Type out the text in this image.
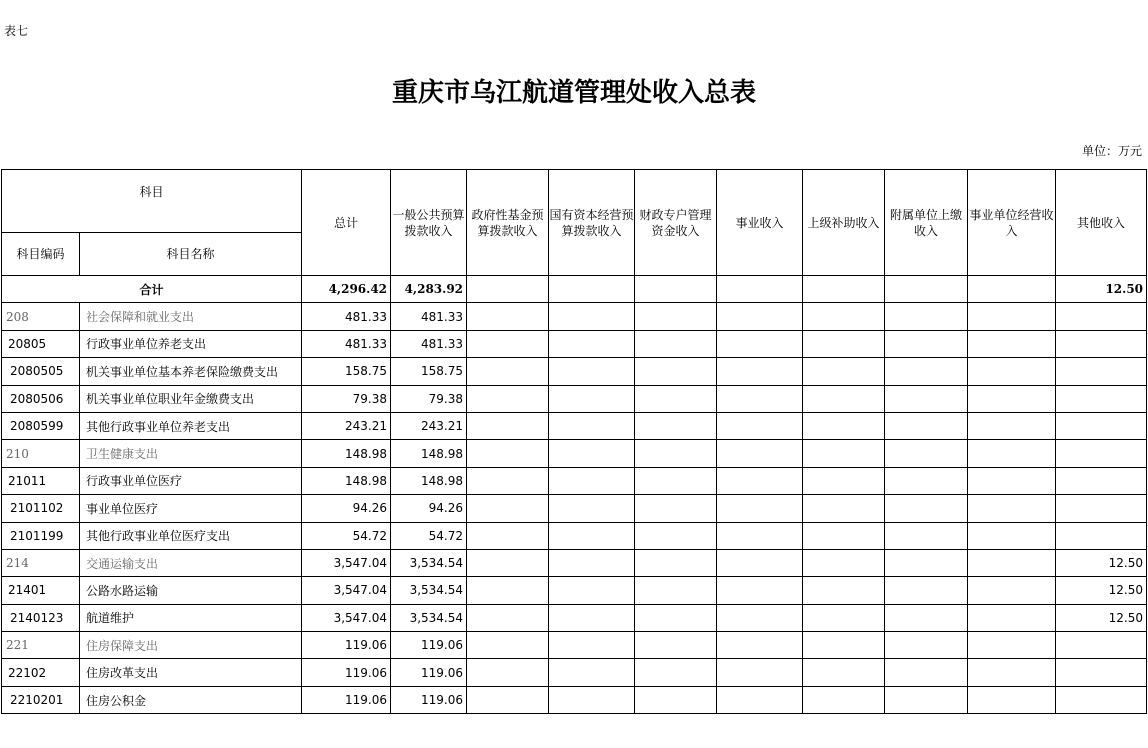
表七
重庆市乌江航道管理处收入总表
单位：万元
科目		总计	一般公共预算拨款收入	政府性基金预算拨款收入	国有资本经营预算拨款收入	财政专户管理资金收入	事业收入	上级补助收入	附属单位上缴收入	事业单位经营收入	其他收入
科目编码	科目名称										
合计		4,296.42	4,283.92								12.50
208	社会保障和就业支出	481.33	481.33								
20805	行政事业单位养老支出	481.33	481.33								
2080505	机关事业单位基本养老保险缴费支出	158.75	158.75								
2080506	机关事业单位职业年金缴费支出	79.38	79.38								
2080599	其他行政事业单位养老支出	243.21	243.21								
210	卫生健康支出	148.98	148.98								
21011	行政事业单位医疗	148.98	148.98								
2101102	事业单位医疗	94.26	94.26								
2101199	其他行政事业单位医疗支出	54.72	54.72								
214	交通运输支出	3,547.04	3,534.54								12.50
21401	公路水路运输	3,547.04	3,534.54								12.50
2140123	航道维护	3,547.04	3,534.54								12.50
221	住房保障支出	119.06	119.06								
22102	住房改革支出	119.06	119.06								
2210201	住房公积金	119.06	119.06								
